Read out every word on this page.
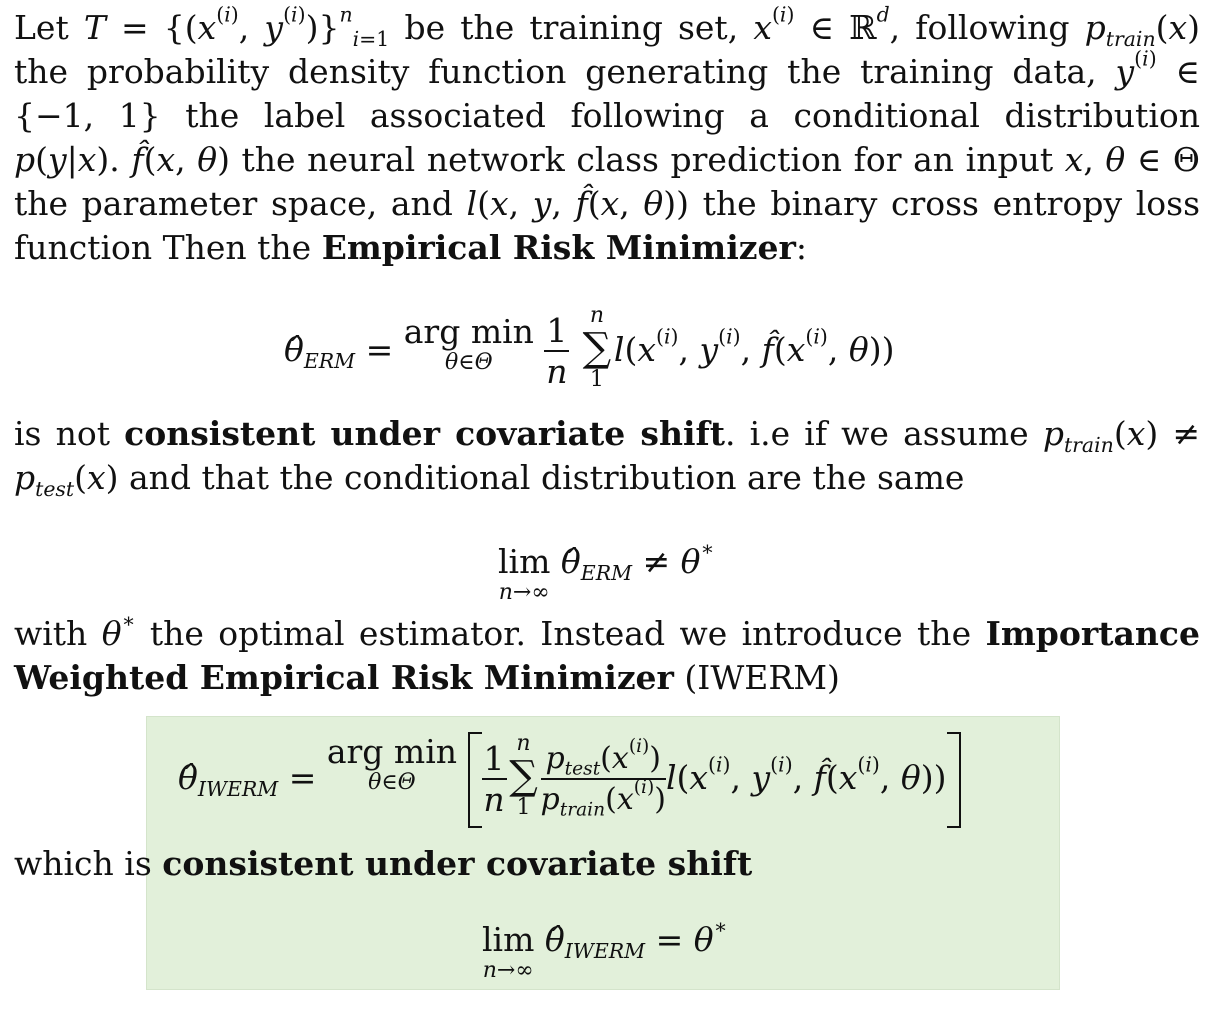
Let $T = \{(x^{(i)}$, $y^{(i)})\}^n_{i=1}$ be the training set, $x^{(i)}$ ∈ ℝ$^d$, following $p_{train}(x)$ the probability density function generating the training data, $y^{(i)}$ ∈ {−1, 1} the label associated following a conditional distribution p(y|x). f̂(x, θ) the neural network class prediction for an input x, θ ∈ Θ the parameter space, and l(x, y, f̂(x, θ)) the binary cross entropy loss function Then the Empirical Risk Minimizer:
$\thetâ_{ERM}$ = arg min
θ∈Θ
$\frac{1}{n}$ ∑
n
1
$l(x^{(i)}$, $y^{(i)}$, $f̂(x^{(i)}$, θ))
is not consistent under covariate shift. i.e if we assume $p_{train}(x) \ne p_{test}(x)$ and that the conditional distribution are the same
lim
n→∞
$\thetâ_{ERM} \ne \theta^∗$
with θ∗ the optimal estimator. Instead we introduce the Importance Weighted Empirical Risk Minimizer (IWERM)
$\thetâ_{IWERM}$ = arg min
θ∈Θ
$\frac{1}{n}$ ∑
n
$1 \frac{p_{test}(x^{(i)})}{p_{train}(x^{(i)})} l(x^{(i)}$, $y^{(i)}$, $f̂(x^{(i)}$, θ))
which is consistent under covariate shift
lim
n→∞
$\thetâ_{IWERM} = \theta^∗$
